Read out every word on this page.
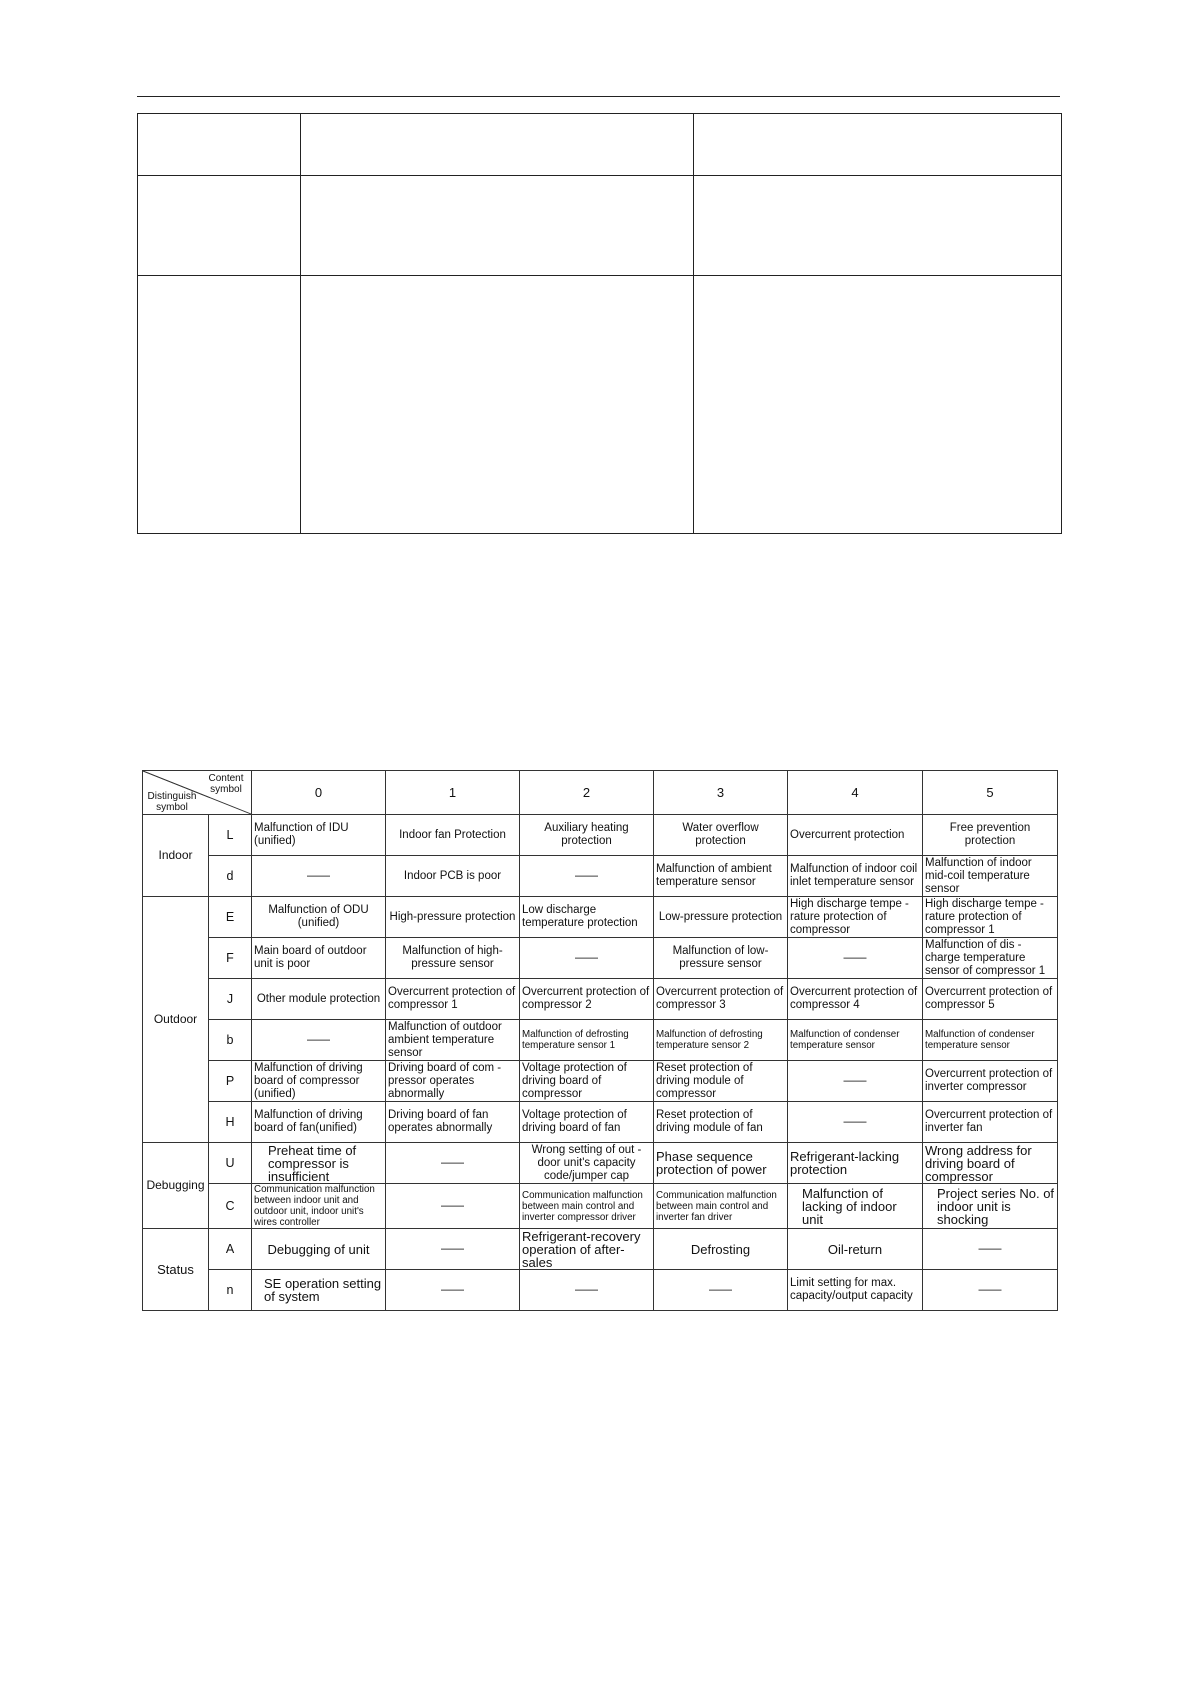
Content symbol
Distinguish symbol		0	1	2	3	4	5
Indoor	L	Malfunction of IDU (unified)	Indoor fan Protection	Auxiliary heating protection	Water overflow protection	Overcurrent protection	Free prevention protection
	d	——	Indoor PCB is poor	——	Malfunction of ambient temperature sensor	Malfunction of indoor coil inlet temperature sensor	Malfunction of indoor mid-coil temperature sensor
Outdoor	E	Malfunction of ODU (unified)	High-pressure protection	Low discharge temperature protection	Low-pressure protection	High discharge tempe -rature protection of compressor	High discharge tempe -rature protection of compressor 1
	F	Main board of outdoor unit is poor	Malfunction of high-pressure sensor	——	Malfunction of low-pressure sensor	——	Malfunction of dis -charge temperature sensor of compressor 1
	J	Other module protection	Overcurrent protection of compressor 1	Overcurrent protection of compressor 2	Overcurrent protection of compressor 3	Overcurrent protection of compressor 4	Overcurrent protection of compressor 5
	b	——	Malfunction of outdoor ambient temperature sensor	Malfunction of defrosting temperature sensor 1	Malfunction of defrosting temperature sensor 2	Malfunction of condenser temperature sensor	Malfunction of condenser temperature sensor
	P	Malfunction of driving board of compressor (unified)	Driving board of com -pressor operates abnormally	Voltage protection of driving board of compressor	Reset protection of driving module of compressor	——	Overcurrent protection of inverter compressor
	H	Malfunction of driving board of fan(unified)	Driving board of fan operates abnormally	Voltage protection of driving board of fan	Reset protection of driving module of fan	——	Overcurrent protection of inverter fan
Debugging	U	Preheat time of compressor is insufficient	——	Wrong setting of out -door unit's capacity code/jumper cap	Phase sequence protection of power	Refrigerant-lacking protection	Wrong address for driving board of compressor
	C	Communication malfunction between indoor unit and outdoor unit, indoor unit's wires controller	——	Communication malfunction between main control and inverter compressor driver	Communication malfunction between main control and inverter fan driver	Malfunction of lacking of indoor unit	Project series No. of indoor unit is shocking
Status	A	Debugging of unit	——	Refrigerant-recovery operation of after-sales	Defrosting	Oil-return	——
	n	SE operation setting of system	——	——	——	Limit setting for max. capacity/output capacity	——
